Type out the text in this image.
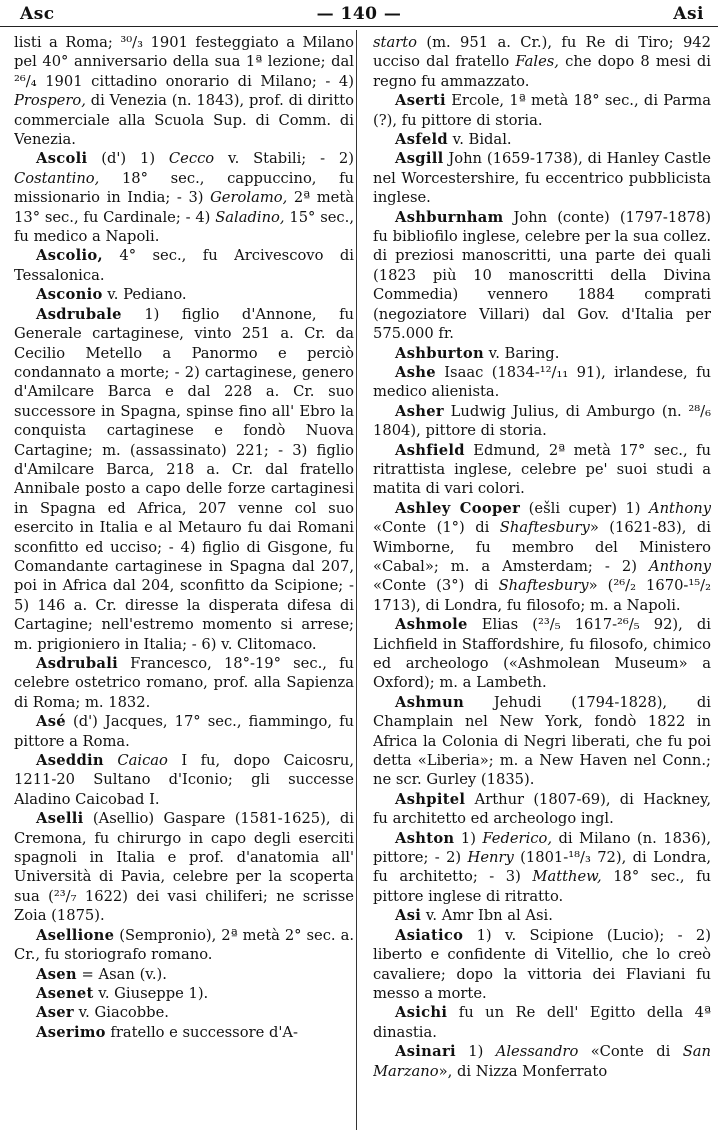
Asc	— 140 —	Asi

listi a Roma; ³⁰/₃ 1901 festeggiato a Milano pel 40° anniversario della sua 1ª lezione; dal ²⁶/₄ 1901 cittadino onorario di Milano; - 4) Prospero, di Venezia (n. 1843), prof. di diritto commerciale alla Scuola Sup. di Comm. di Venezia.

Ascoli (d') 1) Cecco v. Stabili; - 2) Costantino, 18° sec., cappuccino, fu missionario in India; - 3) Gerolamo, 2ª metà 13° sec., fu Cardinale; - 4) Saladino, 15° sec., fu medico a Napoli.

Ascolio, 4° sec., fu Arcivescovo di Tessalonica.

Asconio v. Pediano.

Asdrubale 1) figlio d'Annone, fu Generale cartaginese, vinto 251 a. Cr. da Cecilio Metello a Panormo e perciò condannato a morte; - 2) cartaginese, genero d'Amilcare Barca e dal 228 a. Cr. suo successore in Spagna, spinse fino all' Ebro la conquista cartaginese e fondò Nuova Cartagine; m. (assassinato) 221; - 3) figlio d'Amilcare Barca, 218 a. Cr. dal fratello Annibale posto a capo delle forze cartaginesi in Spagna ed Africa, 207 venne col suo esercito in Italia e al Metauro fu dai Romani sconfitto ed ucciso; - 4) figlio di Gisgone, fu Comandante cartaginese in Spagna dal 207, poi in Africa dal 204, sconfitto da Scipione; - 5) 146 a. Cr. diresse la disperata difesa di Cartagine; nell'estremo momento si arrese; m. prigioniero in Italia; - 6) v. Clitomaco.

Asdrubali Francesco, 18°-19° sec., fu celebre ostetrico romano, prof. alla Sapienza di Roma; m. 1832.

Asé (d') Jacques, 17° sec., fiammingo, fu pittore a Roma.

Aseddin Caicao I fu, dopo Caicosru, 1211-20 Sultano d'Iconio; gli successe Aladino Caicobad I.

Aselli (Asellio) Gaspare (1581-1625), di Cremona, fu chirurgo in capo degli eserciti spagnoli in Italia e prof. d'anatomia all' Università di Pavia, celebre per la scoperta sua (²³/₇ 1622) dei vasi chiliferi; ne scrisse Zoia (1875).

Asellione (Sempronio), 2ª metà 2° sec. a. Cr., fu storiografo romano.

Asen = Asan (v.).

Asenet v. Giuseppe 1).

Aser v. Giacobbe.

Aserimo fratello e successore d'A-

starto (m. 951 a. Cr.), fu Re di Tiro; 942 ucciso dal fratello Fales, che dopo 8 mesi di regno fu ammazzato.

Aserti Ercole, 1ª metà 18° sec., di Parma (?), fu pittore di storia.

Asfeld v. Bidal.

Asgill John (1659-1738), di Hanley Castle nel Worcestershire, fu eccentrico pubblicista inglese.

Ashburnham John (conte) (1797-1878) fu bibliofilo inglese, celebre per la sua collez. di preziosi manoscritti, una parte dei quali (1823 più 10 manoscritti della Divina Commedia) vennero 1884 comprati (negoziatore Villari) dal Gov. d'Italia per 575.000 fr.

Ashburton v. Baring.

Ashe Isaac (1834-¹²/₁₁ 91), irlandese, fu medico alienista.

Asher Ludwig Julius, di Amburgo (n. ²⁸/₆ 1804), pittore di storia.

Ashfield Edmund, 2ª metà 17° sec., fu ritrattista inglese, celebre pe' suoi studi a matita di vari colori.

Ashley Cooper (ešli cuper) 1) Anthony «Conte (1°) di Shaftesbury» (1621-83), di Wimborne, fu membro del Ministero «Cabal»; m. a Amsterdam; - 2) Anthony «Conte (3°) di Shaftesbury» (²⁶/₂ 1670-¹⁵/₂ 1713), di Londra, fu filosofo; m. a Napoli.

Ashmole Elias (²³/₅ 1617-²⁶/₅ 92), di Lichfield in Staffordshire, fu filosofo, chimico ed archeologo («Ashmolean Museum» a Oxford); m. a Lambeth.

Ashmun Jehudi (1794-1828), di Champlain nel New York, fondò 1822 in Africa la Colonia di Negri liberati, che fu poi detta «Liberia»; m. a New Haven nel Conn.; ne scr. Gurley (1835).

Ashpitel Arthur (1807-69), di Hackney, fu architetto ed archeologo ingl.

Ashton 1) Federico, di Milano (n. 1836), pittore; - 2) Henry (1801-¹⁸/₃ 72), di Londra, fu architetto; - 3) Matthew, 18° sec., fu pittore inglese di ritratto.

Asi v. Amr Ibn al Asi.

Asiatico 1) v. Scipione (Lucio); - 2) liberto e confidente di Vitellio, che lo creò cavaliere; dopo la vittoria dei Flaviani fu messo a morte.

Asichi fu un Re dell' Egitto della 4ª dinastia.

Asinari 1) Alessandro «Conte di San Marzano», di Nizza Monferrato
